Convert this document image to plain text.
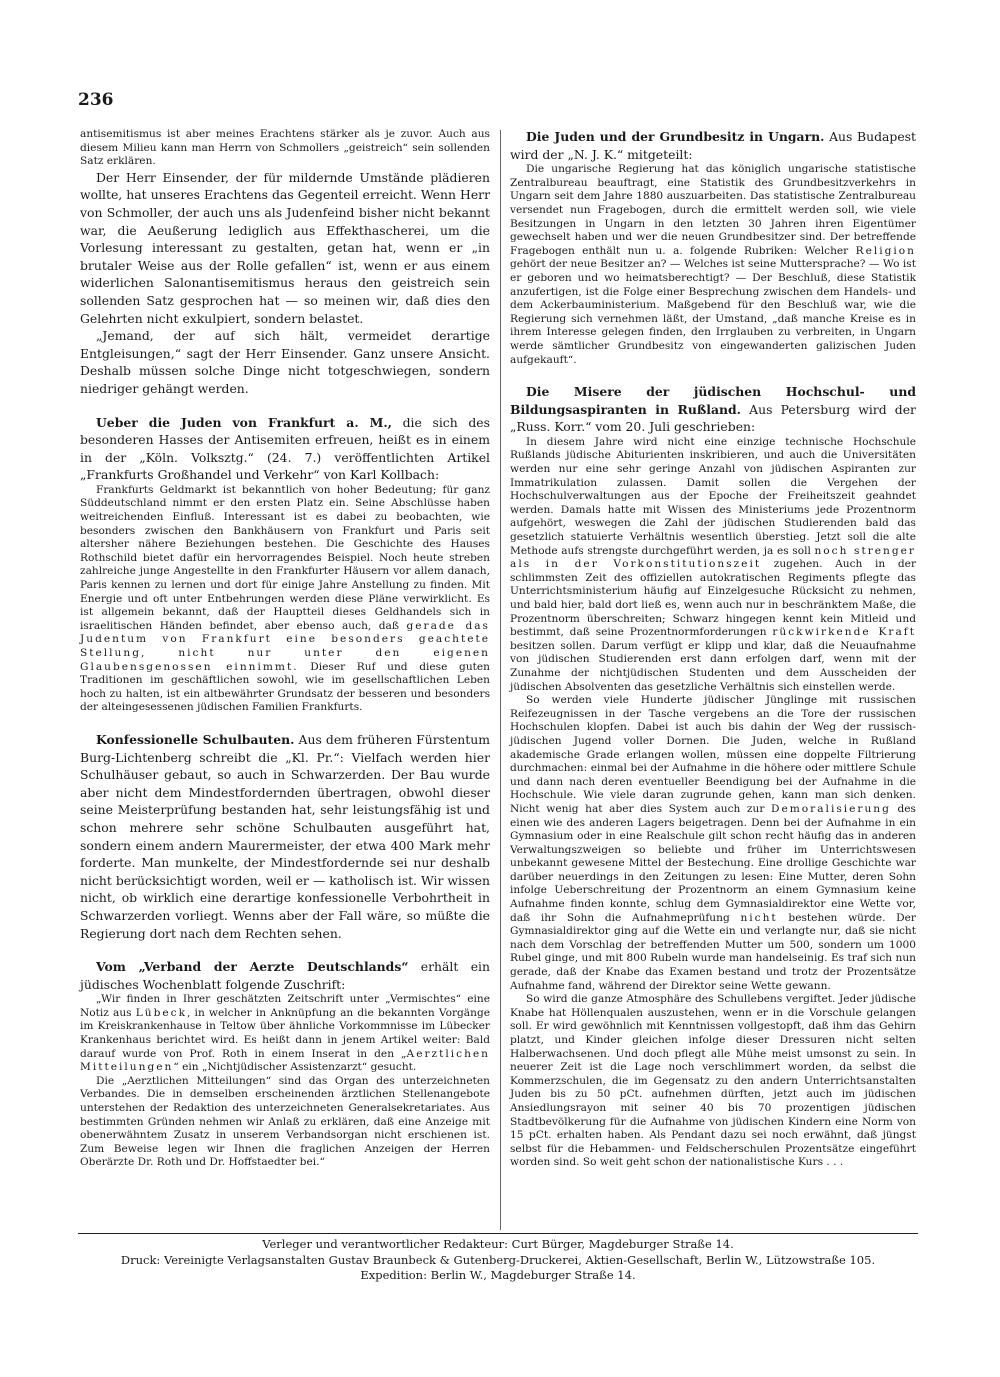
236

antisemitismus ist aber meines Erachtens stärker als je zuvor. Auch aus diesem Milieu kann man Herrn von Schmollers „geistreich“ sein sollenden Satz erklären.

Der Herr Einsender, der für mildernde Umstände plädieren wollte, hat unseres Erachtens das Gegenteil erreicht. Wenn Herr von Schmoller, der auch uns als Judenfeind bisher nicht bekannt war, die Aeußerung lediglich aus Effekthascherei, um die Vorlesung interessant zu gestalten, getan hat, wenn er „in brutaler Weise aus der Rolle gefallen“ ist, wenn er aus einem widerlichen Salonantisemitismus heraus den geistreich sein sollenden Satz gesprochen hat — so meinen wir, daß dies den Gelehrten nicht exkulpiert, sondern belastet.

„Jemand, der auf sich hält, vermeidet derartige Entgleisungen,“ sagt der Herr Einsender. Ganz unsere Ansicht. Deshalb müssen solche Dinge nicht totgeschwiegen, sondern niedriger gehängt werden.

Ueber die Juden von Frankfurt a. M., die sich des besonderen Hasses der Antisemiten erfreuen, heißt es in einem in der „Köln. Volksztg.“ (24. 7.) veröffentlichten Artikel „Frankfurts Großhandel und Verkehr“ von Karl Kollbach:

Frankfurts Geldmarkt ist bekanntlich von hoher Bedeutung; für ganz Süddeutschland nimmt er den ersten Platz ein. Seine Abschlüsse haben weitreichenden Einfluß. Interessant ist es dabei zu beobachten, wie besonders zwischen den Bankhäusern von Frankfurt und Paris seit altersher nähere Beziehungen bestehen. Die Geschichte des Hauses Rothschild bietet dafür ein hervorragendes Beispiel. Noch heute streben zahlreiche junge Angestellte in den Frankfurter Häusern vor allem danach, Paris kennen zu lernen und dort für einige Jahre Anstellung zu finden. Mit Energie und oft unter Entbehrungen werden diese Pläne verwirklicht. Es ist allgemein bekannt, daß der Hauptteil dieses Geldhandels sich in israelitischen Händen befindet, aber ebenso auch, daß gerade das Judentum von Frankfurt eine besonders geachtete Stellung, nicht nur unter den eigenen Glaubensgenossen einnimmt. Dieser Ruf und diese guten Traditionen im geschäftlichen sowohl, wie im gesellschaftlichen Leben hoch zu halten, ist ein altbewährter Grundsatz der besseren und besonders der alteingesessenen jüdischen Familien Frankfurts.

Konfessionelle Schulbauten. Aus dem früheren Fürstentum Burg-Lichtenberg schreibt die „Kl. Pr.“: Vielfach werden hier Schulhäuser gebaut, so auch in Schwarzerden. Der Bau wurde aber nicht dem Mindestfordernden übertragen, obwohl dieser seine Meisterprüfung bestanden hat, sehr leistungsfähig ist und schon mehrere sehr schöne Schulbauten ausgeführt hat, sondern einem andern Maurermeister, der etwa 400 Mark mehr forderte. Man munkelte, der Mindestfordernde sei nur deshalb nicht berücksichtigt worden, weil er — katholisch ist. Wir wissen nicht, ob wirklich eine derartige konfessionelle Verbohrtheit in Schwarzerden vorliegt. Wenns aber der Fall wäre, so müßte die Regierung dort nach dem Rechten sehen.

Vom „Verband der Aerzte Deutschlands“ erhält ein jüdisches Wochenblatt folgende Zuschrift:

„Wir finden in Ihrer geschätzten Zeitschrift unter „Vermischtes“ eine Notiz aus Lübeck, in welcher in Anknüpfung an die bekannten Vorgänge im Kreiskrankenhause in Teltow über ähnliche Vorkommnisse im Lübecker Krankenhaus berichtet wird. Es heißt dann in jenem Artikel weiter: Bald darauf wurde von Prof. Roth in einem Inserat in den „Aerztlichen Mitteilungen“ ein „Nichtjüdischer Assistenzarzt“ gesucht.

Die „Aerztlichen Mitteilungen“ sind das Organ des unterzeichneten Verbandes. Die in demselben erscheinenden ärztlichen Stellenangebote unterstehen der Redaktion des unterzeichneten Generalsekretariates. Aus bestimmten Gründen nehmen wir Anlaß zu erklären, daß eine Anzeige mit obenerwähntem Zusatz in unserem Verbandsorgan nicht erschienen ist. Zum Beweise legen wir Ihnen die fraglichen Anzeigen der Herren Oberärzte Dr. Roth und Dr. Hoffstaedter bei.“

Die Juden und der Grundbesitz in Ungarn. Aus Budapest wird der „N. J. K.“ mitgeteilt:

Die ungarische Regierung hat das königlich ungarische statistische Zentralbureau beauftragt, eine Statistik des Grundbesitzverkehrs in Ungarn seit dem Jahre 1880 auszuarbeiten. Das statistische Zentralbureau versendet nun Fragebogen, durch die ermittelt werden soll, wie viele Besitzungen in Ungarn in den letzten 30 Jahren ihren Eigentümer gewechselt haben und wer die neuen Grundbesitzer sind. Der betreffende Fragebogen enthält nun u. a. folgende Rubriken: Welcher Religion gehört der neue Besitzer an? — Welches ist seine Muttersprache? — Wo ist er geboren und wo heimatsberechtigt? — Der Beschluß, diese Statistik anzufertigen, ist die Folge einer Besprechung zwischen dem Handels- und dem Ackerbauministerium. Maßgebend für den Beschluß war, wie die Regierung sich vernehmen läßt, der Umstand, „daß manche Kreise es in ihrem Interesse gelegen finden, den Irrglauben zu verbreiten, in Ungarn werde sämtlicher Grundbesitz von eingewanderten galizischen Juden aufgekauft“.

Die Misere der jüdischen Hochschul- und Bildungsaspiranten in Rußland. Aus Petersburg wird der „Russ. Korr.“ vom 20. Juli geschrieben:

In diesem Jahre wird nicht eine einzige technische Hochschule Rußlands jüdische Abiturienten inskribieren, und auch die Universitäten werden nur eine sehr geringe Anzahl von jüdischen Aspiranten zur Immatrikulation zulassen. Damit sollen die Vergehen der Hochschulverwaltungen aus der Epoche der Freiheitszeit geahndet werden. Damals hatte mit Wissen des Ministeriums jede Prozentnorm aufgehört, weswegen die Zahl der jüdischen Studierenden bald das gesetzlich statuierte Verhältnis wesentlich überstieg. Jetzt soll die alte Methode aufs strengste durchgeführt werden, ja es soll noch strenger als in der Vorkonstitutionszeit zugehen. Auch in der schlimmsten Zeit des offiziellen autokratischen Regiments pflegte das Unterrichtsministerium häufig auf Einzelgesuche Rücksicht zu nehmen, und bald hier, bald dort ließ es, wenn auch nur in beschränktem Maße, die Prozentnorm überschreiten; Schwarz hingegen kennt kein Mitleid und bestimmt, daß seine Prozentnormforderungen rückwirkende Kraft besitzen sollen. Darum verfügt er klipp und klar, daß die Neuaufnahme von jüdischen Studierenden erst dann erfolgen darf, wenn mit der Zunahme der nichtjüdischen Studenten und dem Ausscheiden der jüdischen Absolventen das gesetzliche Verhältnis sich einstellen werde.

So werden viele Hunderte jüdischer Jünglinge mit russischen Reifezeugnissen in der Tasche vergebens an die Tore der russischen Hochschulen klopfen. Dabei ist auch bis dahin der Weg der russisch-jüdischen Jugend voller Dornen. Die Juden, welche in Rußland akademische Grade erlangen wollen, müssen eine doppelte Filtrierung durchmachen: einmal bei der Aufnahme in die höhere oder mittlere Schule und dann nach deren eventueller Beendigung bei der Aufnahme in die Hochschule. Wie viele daran zugrunde gehen, kann man sich denken. Nicht wenig hat aber dies System auch zur Demoralisierung des einen wie des anderen Lagers beigetragen. Denn bei der Aufnahme in ein Gymnasium oder in eine Realschule gilt schon recht häufig das in anderen Verwaltungszweigen so beliebte und früher im Unterrichtswesen unbekannt gewesene Mittel der Bestechung. Eine drollige Geschichte war darüber neuerdings in den Zeitungen zu lesen: Eine Mutter, deren Sohn infolge Ueberschreitung der Prozentnorm an einem Gymnasium keine Aufnahme finden konnte, schlug dem Gymnasialdirektor eine Wette vor, daß ihr Sohn die Aufnahmeprüfung nicht bestehen würde. Der Gymnasialdirektor ging auf die Wette ein und verlangte nur, daß sie nicht nach dem Vorschlag der betreffenden Mutter um 500, sondern um 1000 Rubel ginge, und mit 800 Rubeln wurde man handelseinig. Es traf sich nun gerade, daß der Knabe das Examen bestand und trotz der Prozentsätze Aufnahme fand, während der Direktor seine Wette gewann.

So wird die ganze Atmosphäre des Schullebens vergiftet. Jeder jüdische Knabe hat Höllenqualen auszustehen, wenn er in die Vorschule gelangen soll. Er wird gewöhnlich mit Kenntnissen vollgestopft, daß ihm das Gehirn platzt, und Kinder gleichen infolge dieser Dressuren nicht selten Halberwachsenen. Und doch pflegt alle Mühe meist umsonst zu sein. In neuerer Zeit ist die Lage noch verschlimmert worden, da selbst die Kommerzschulen, die im Gegensatz zu den andern Unterrichtsanstalten Juden bis zu 50 pCt. aufnehmen dürften, jetzt auch im jüdischen Ansiedlungsrayon mit seiner 40 bis 70 prozentigen jüdischen Stadtbevölkerung für die Aufnahme von jüdischen Kindern eine Norm von 15 pCt. erhalten haben. Als Pendant dazu sei noch erwähnt, daß jüngst selbst für die Hebammen- und Feldscherschulen Prozentsätze eingeführt worden sind. So weit geht schon der nationalistische Kurs . . .

Verleger und verantwortlicher Redakteur: Curt Bürger, Magdeburger Straße 14.
Druck: Vereinigte Verlagsanstalten Gustav Braunbeck & Gutenberg-Druckerei, Aktien-Gesellschaft, Berlin W., Lützowstraße 105.
Expedition: Berlin W., Magdeburger Straße 14.
